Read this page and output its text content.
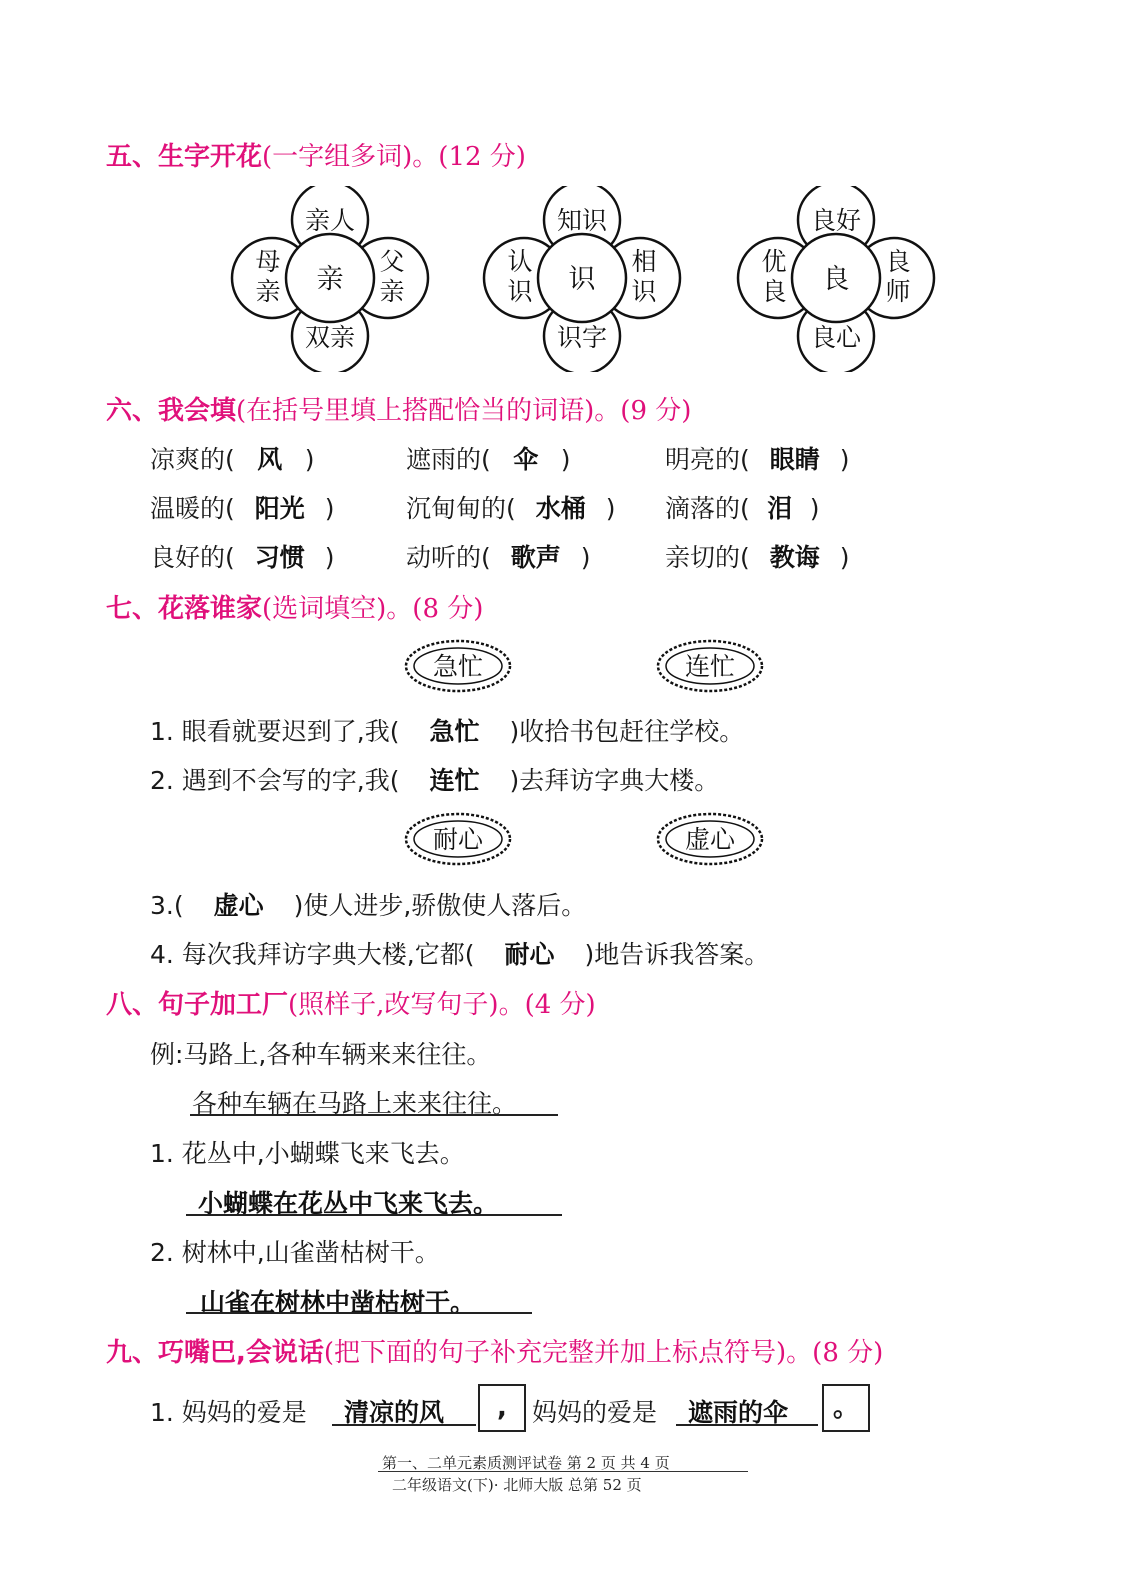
五、生字开花(一字组多词)。(12 分)
亲人
双亲
亲
母亲
父亲
知识
识字
识
认识
相识
良好
良心
良
优良
良师
六、我会填(在括号里填上搭配恰当的词语)。(9 分)
凉爽的( 风 )	遮雨的( 伞 )	明亮的( 眼睛 )
温暖的( 阳光 )	沉甸甸的( 水桶 ) 滴落的( 泪 )
良好的( 习惯 )	动听的( 歌声 )	亲切的( 教诲 )
七、花落谁家(选词填空)。(8 分)
急忙	连忙
1. 眼看就要迟到了,我( 急忙 )收拾书包赶往学校。
2. 遇到不会写的字,我( 连忙 )去拜访字典大楼。
耐心	虚心
3.( 虚心 )使人进步,骄傲使人落后。
4. 每次我拜访字典大楼,它都( 耐心 )地告诉我答案。
八、句子加工厂(照样子,改写句子)。(4 分)
例:马路上,各种车辆来来往往。
各种车辆在马路上来来往往。
1. 花丛中,小蝴蝶飞来飞去。
小蝴蝶在花丛中飞来飞去。
2. 树林中,山雀凿枯树干。
山雀在树林中凿枯树干。
九、巧嘴巴,会说话(把下面的句子补充完整并加上标点符号)。(8 分)
1. 妈妈的爱是 清凉的风	,	妈妈的爱是 遮雨的伞	。
第一、二单元素质测评试卷 第 2 页 共 4 页
二年级语文(下)· 北师大版 总第 52 页
